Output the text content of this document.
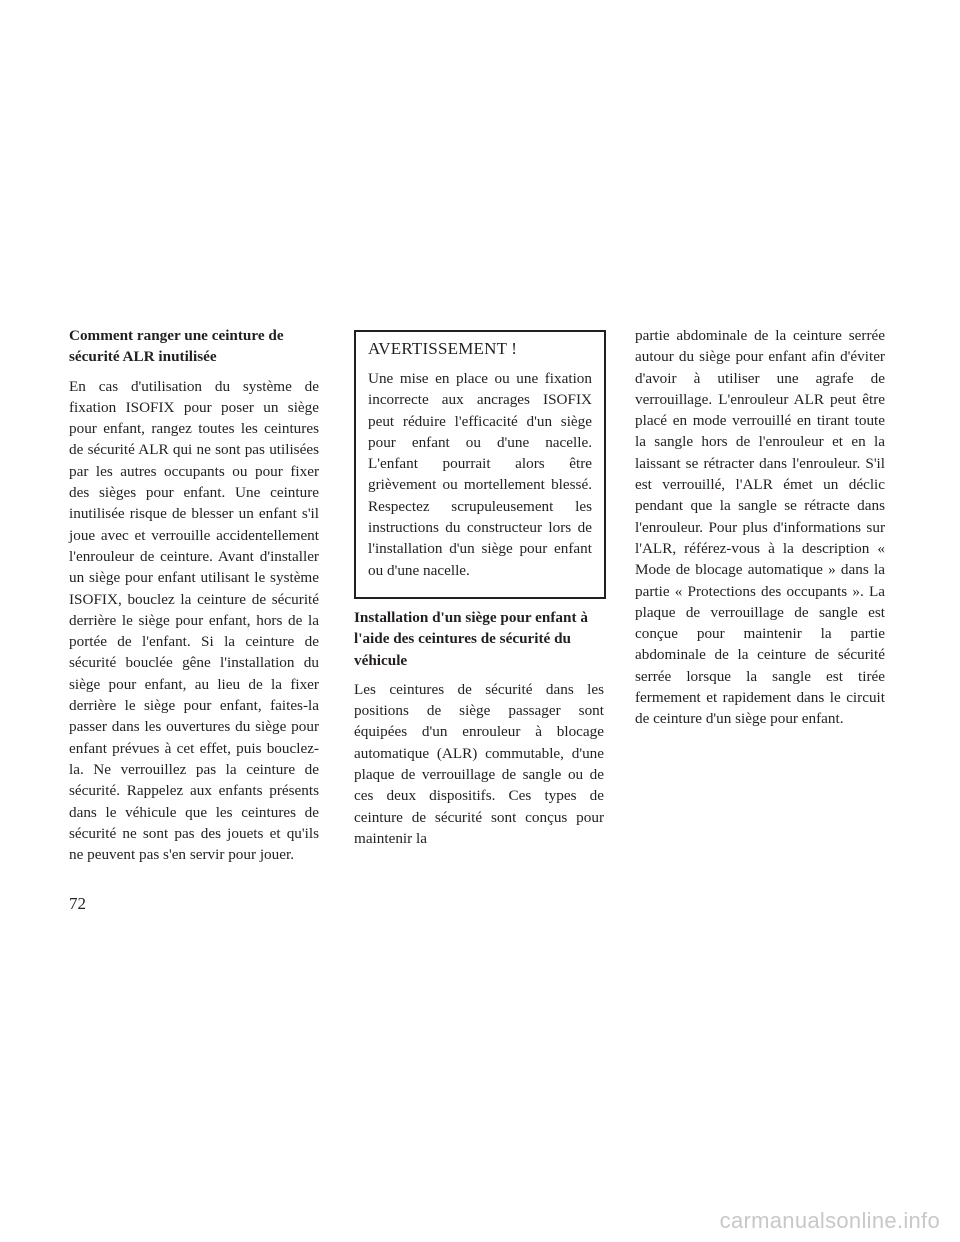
Comment ranger une ceinture de sécurité ALR inutilisée

En cas d'utilisation du système de fixation ISOFIX pour poser un siège pour enfant, rangez toutes les ceintures de sécurité ALR qui ne sont pas utilisées par les autres occupants ou pour fixer des sièges pour enfant. Une ceinture inutilisée risque de blesser un enfant s'il joue avec et verrouille accidentellement l'enrouleur de ceinture. Avant d'installer un siège pour enfant utilisant le système ISOFIX, bouclez la ceinture de sécurité derrière le siège pour enfant, hors de la portée de l'enfant. Si la ceinture de sécurité bouclée gêne l'installation du siège pour enfant, au lieu de la fixer derrière le siège pour enfant, faites-la passer dans les ouvertures du siège pour enfant prévues à cet effet, puis bouclez-la. Ne verrouillez pas la ceinture de sécurité. Rappelez aux enfants présents dans le véhicule que les ceintures de sécurité ne sont pas des jouets et qu'ils ne peuvent pas s'en servir pour jouer.

AVERTISSEMENT !

Une mise en place ou une fixation incorrecte aux ancrages ISOFIX peut réduire l'efficacité d'un siège pour enfant ou d'une nacelle. L'enfant pourrait alors être grièvement ou mortellement blessé. Respectez scrupuleusement les instructions du constructeur lors de l'installation d'un siège pour enfant ou d'une nacelle.

Installation d'un siège pour enfant à l'aide des ceintures de sécurité du véhicule

Les ceintures de sécurité dans les positions de siège passager sont équipées d'un enrouleur à blocage automatique (ALR) commutable, d'une plaque de verrouillage de sangle ou de ces deux dispositifs. Ces types de ceinture de sécurité sont conçus pour maintenir la

partie abdominale de la ceinture serrée autour du siège pour enfant afin d'éviter d'avoir à utiliser une agrafe de verrouillage. L'enrouleur ALR peut être placé en mode verrouillé en tirant toute la sangle hors de l'enrouleur et en la laissant se rétracter dans l'enrouleur. S'il est verrouillé, l'ALR émet un déclic pendant que la sangle se rétracte dans l'enrouleur. Pour plus d'informations sur l'ALR, référez-vous à la description « Mode de blocage automatique » dans la partie « Protections des occupants ». La plaque de verrouillage de sangle est conçue pour maintenir la partie abdominale de la ceinture de sécurité serrée lorsque la sangle est tirée fermement et rapidement dans le circuit de ceinture d'un siège pour enfant.

72
carmanualsonline.info
